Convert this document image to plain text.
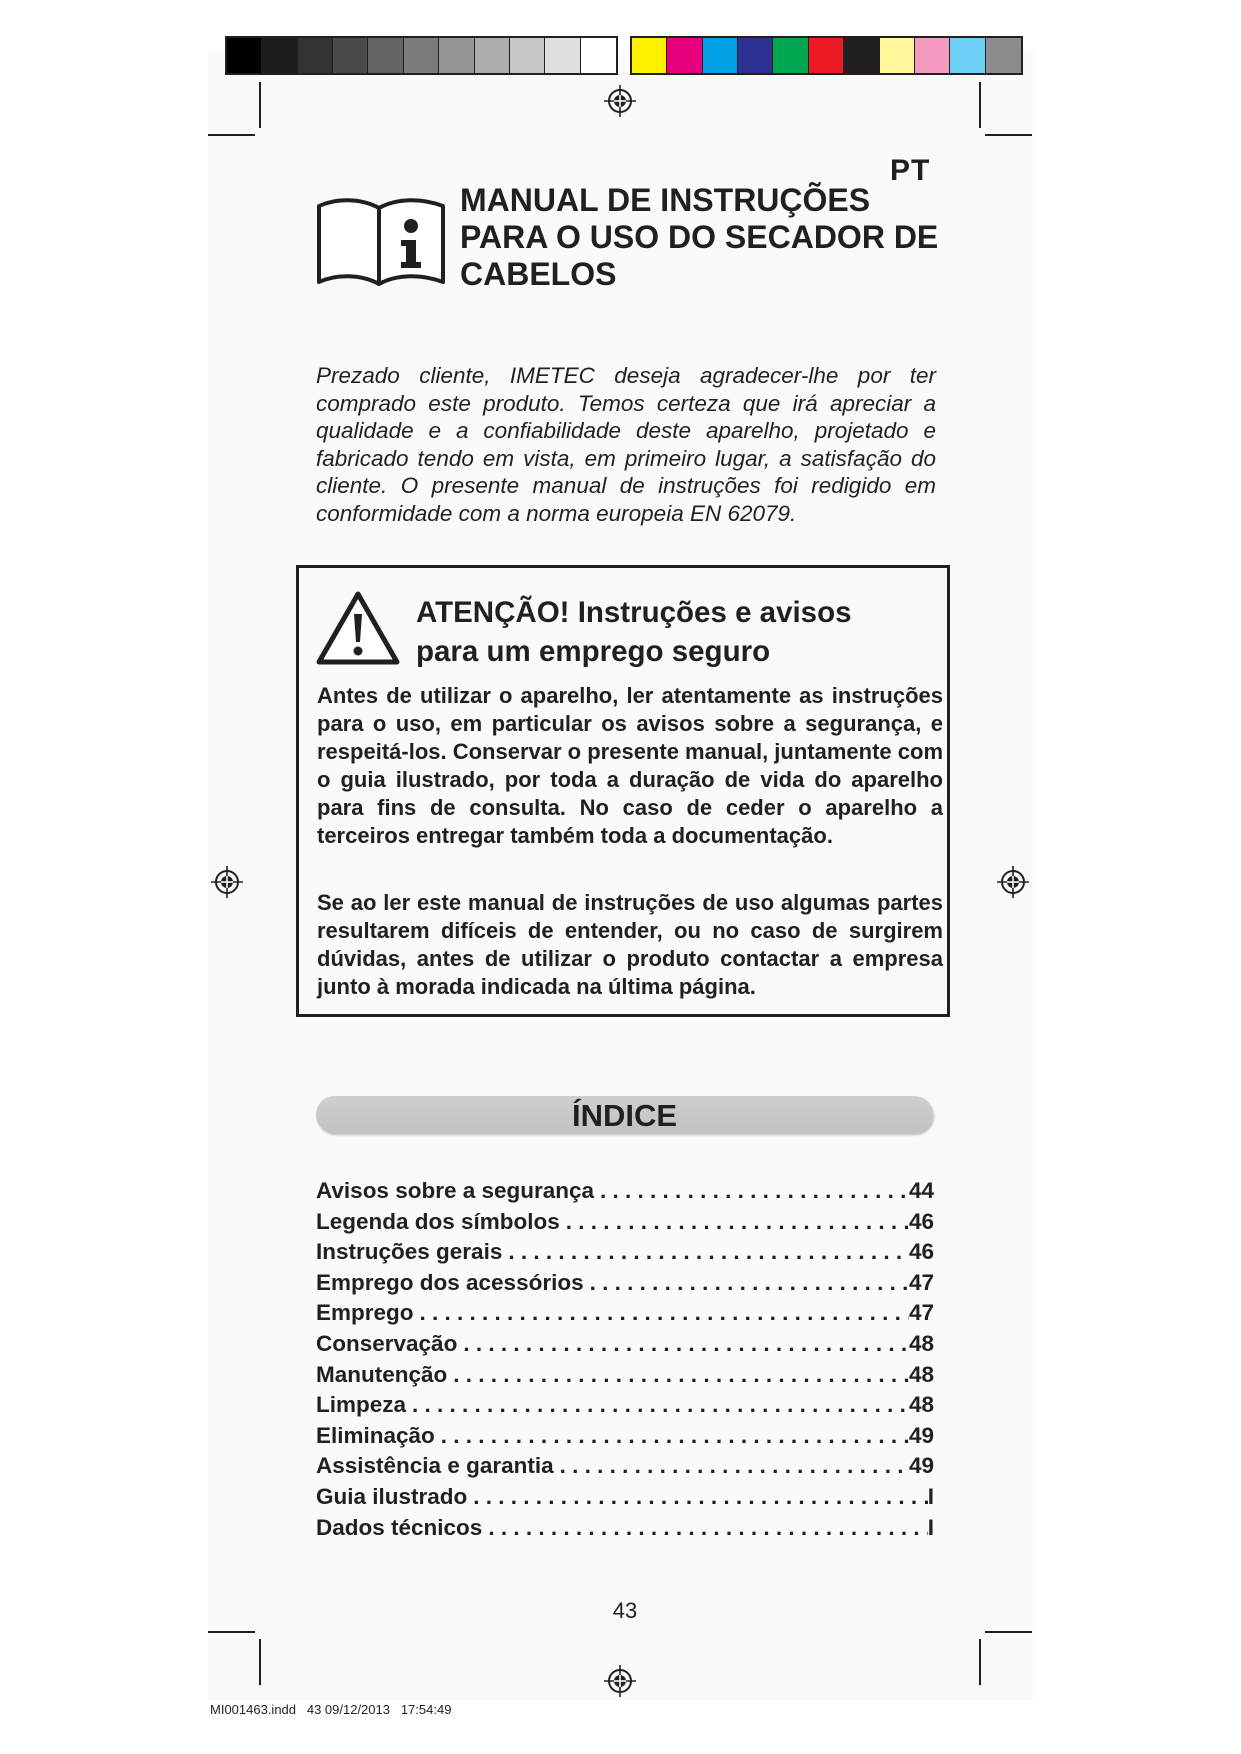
PT
MANUAL DE INSTRUÇÕES
PARA O USO DO SECADOR DE
CABELOS
Prezado cliente, IMETEC deseja agradecer-lhe por ter comprado este produto. Temos certeza que irá apreciar a qualidade e a confiabilidade deste aparelho, projetado e fabricado tendo em vista, em primeiro lugar, a satisfação do cliente. O presente manual de instruções foi redigido em conformidade com a norma europeia EN 62079.
ATENÇÃO! Instruções e avisos
para um emprego seguro
Antes de utilizar o aparelho, ler atentamente as instruções para o uso, em particular os avisos sobre a segurança, e respeitá-los. Conservar o presente manual, juntamente com o guia ilustrado, por toda a duração de vida do aparelho para fins de consulta. No caso de ceder o aparelho a terceiros entregar também toda a documentação.
Se ao ler este manual de instruções de uso algumas partes resultarem difíceis de entender, ou no caso de surgirem dúvidas, antes de utilizar o produto contactar a empresa junto à morada indicada na última página.
ÍNDICE
Avisos sobre a segurança . . .	44
Legenda dos símbolos . . .	46
Instruções gerais . . .	46
Emprego dos acessórios . . .	47
Emprego . . .	47
Conservação . . .	48
Manutenção . . .	48
Limpeza . . .	48
Eliminação . . .	49
Assistência e garantia . . .	49
Guia ilustrado . . .	I
Dados técnicos . . .	I
43
MI001463.indd   43 09/12/2013   17:54:49
